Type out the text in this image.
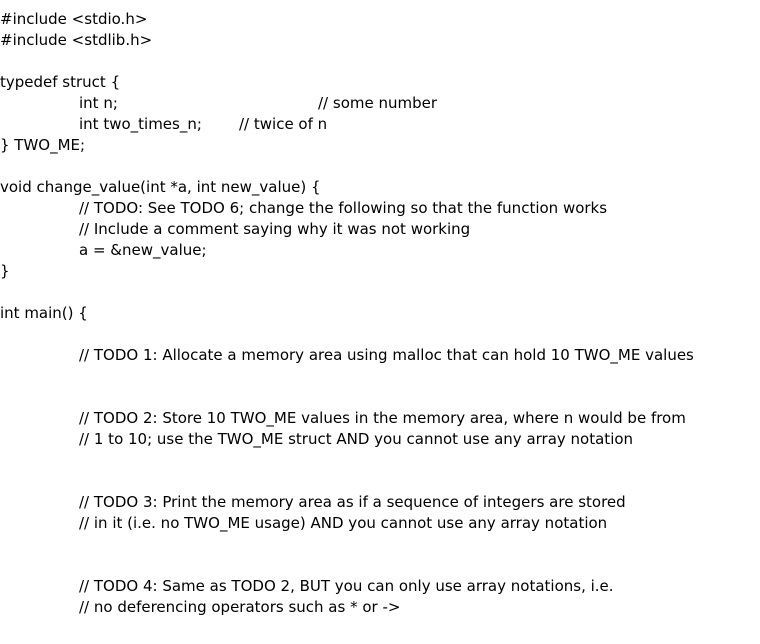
#include <stdio.h>
#include <stdlib.h>
typedef struct {
int n;	// some number
int two_times_n; // twice of n
} TWO_ME;
void change_value(int *a, int new_value) {
// TODO: See TODO 6; change the following so that the function works
// Include a comment saying why it was not working
a = &new_value;
}
int main() {
// TODO 1: Allocate a memory area using malloc that can hold 10 TWO_ME values
// TODO 2: Store 10 TWO_ME values in the memory area, where n would be from
// 1 to 10; use the TWO_ME struct AND you cannot use any array notation
// TODO 3: Print the memory area as if a sequence of integers are stored
// in it (i.e. no TWO_ME usage) AND you cannot use any array notation
// TODO 4: Same as TODO 2, BUT you can only use array notations, i.e.
// no deferencing operators such as * or ->
